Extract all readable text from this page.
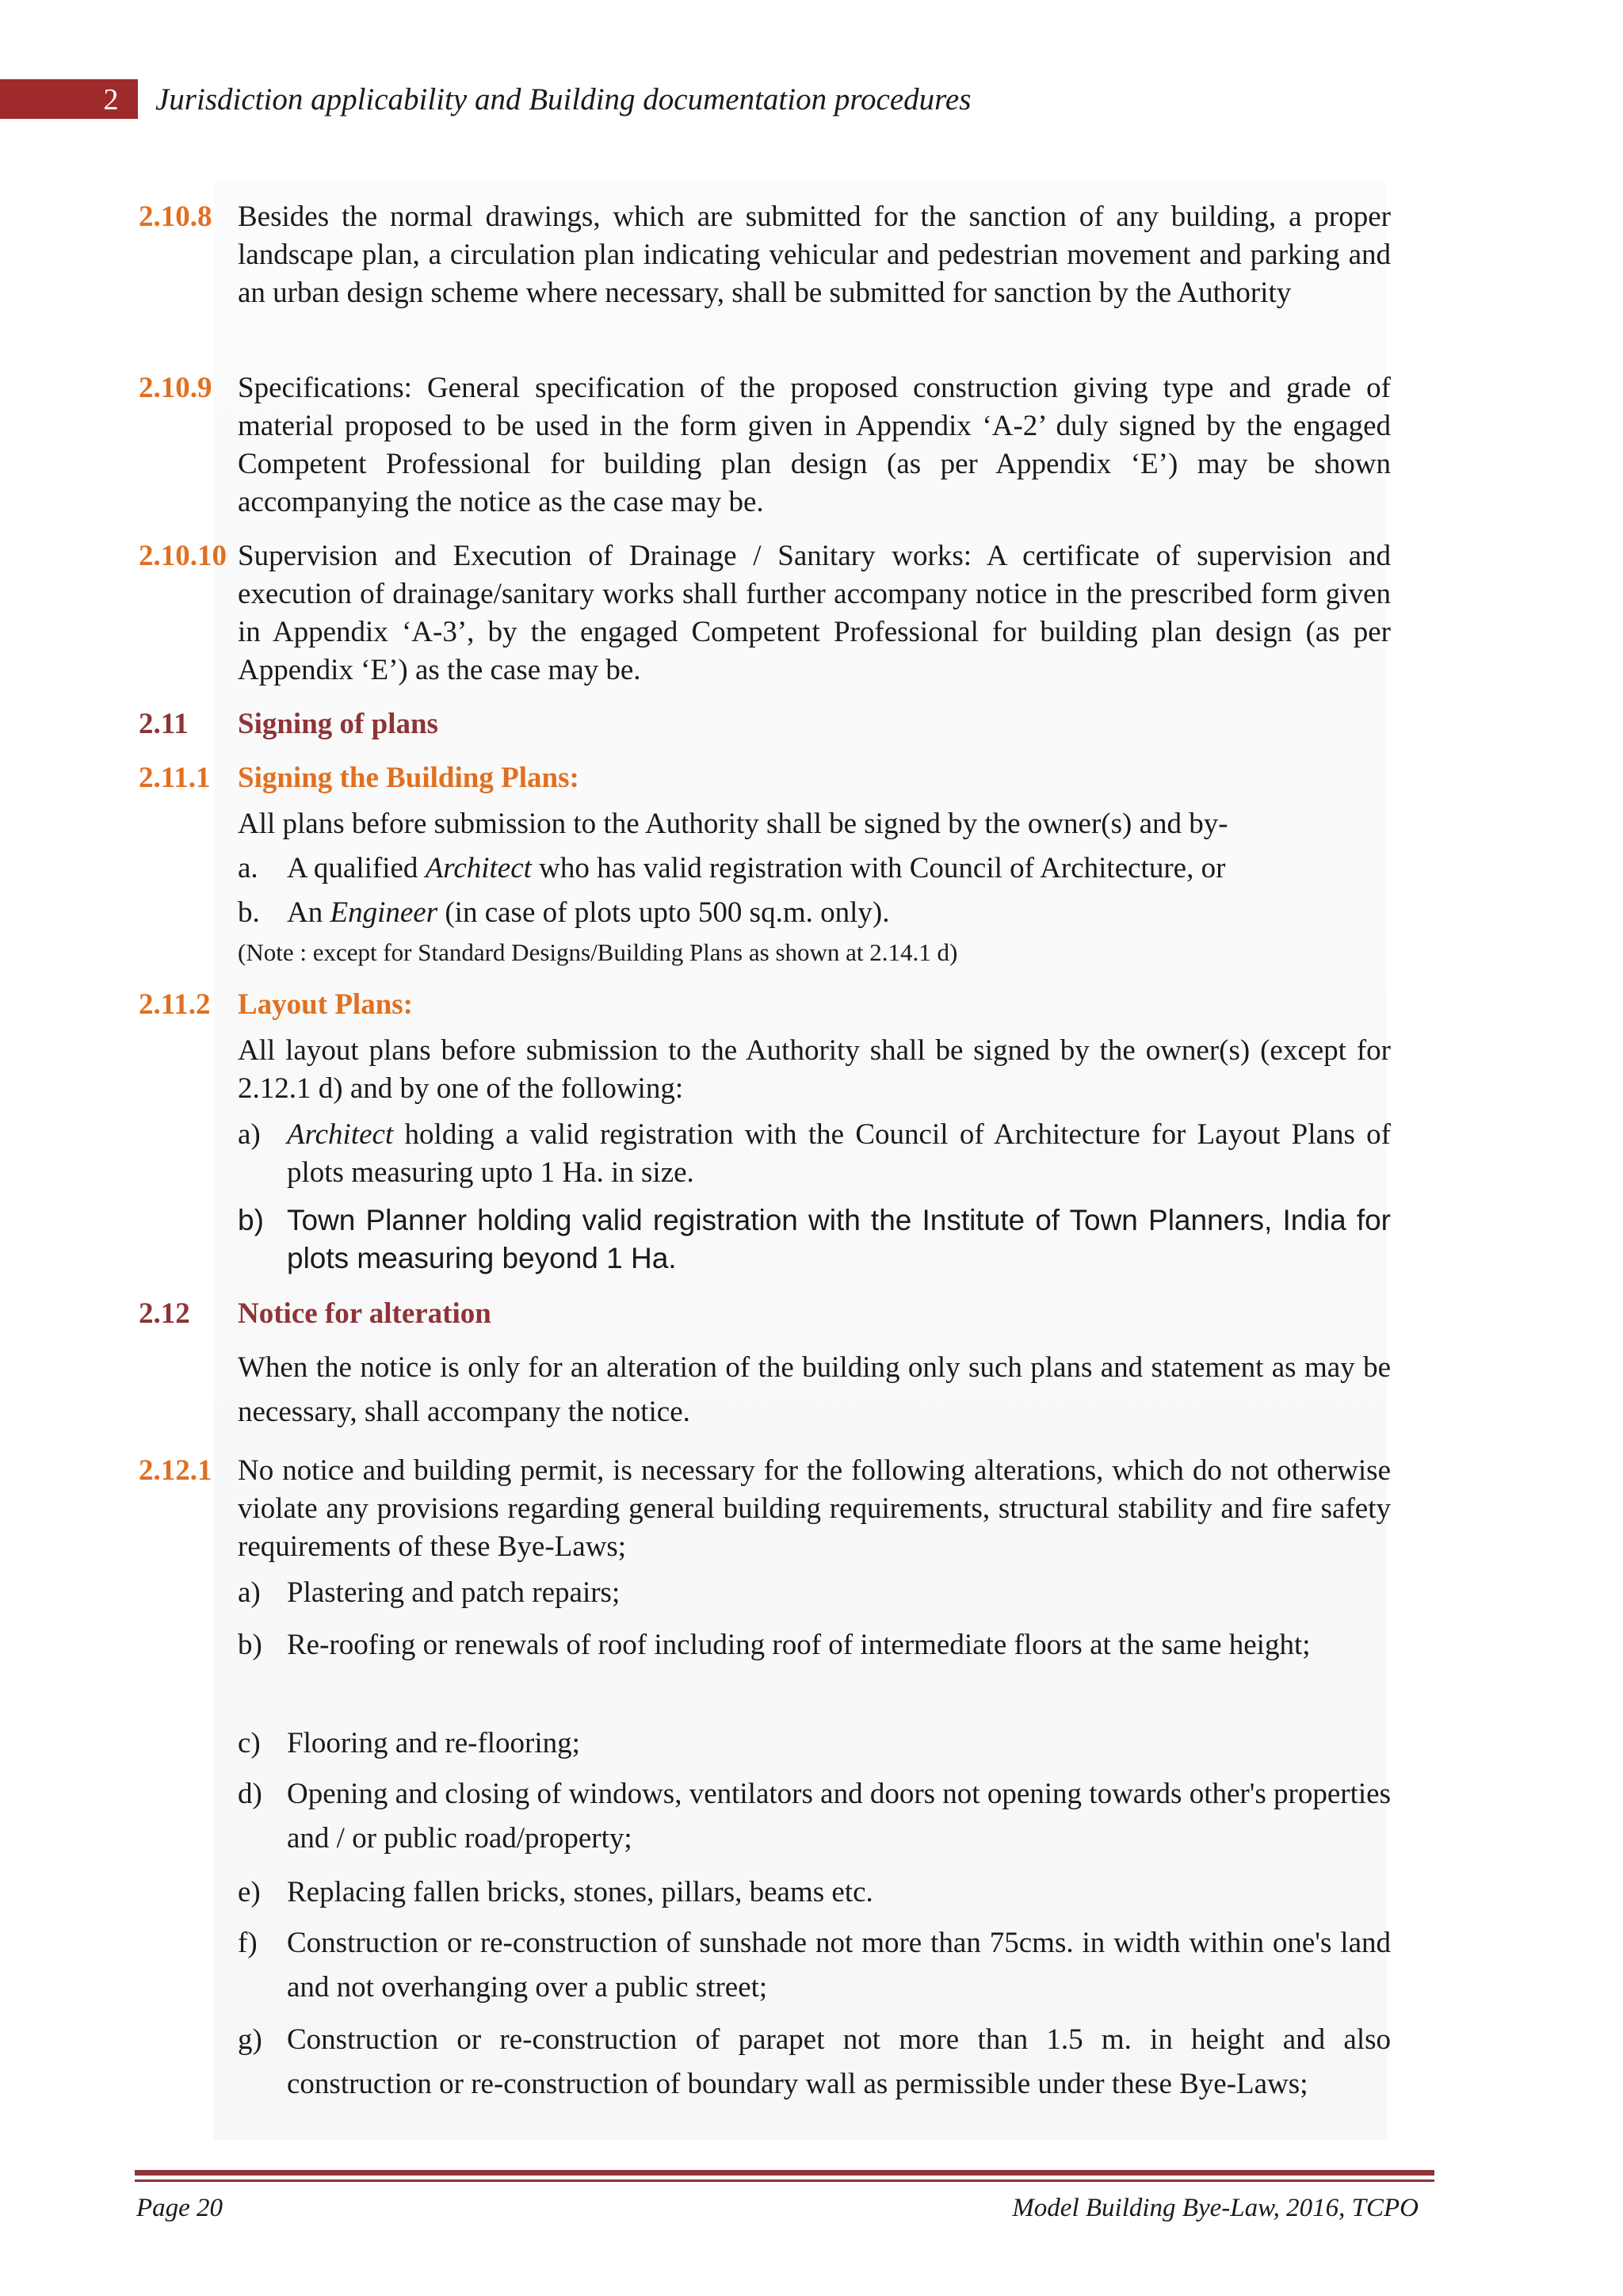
2 Jurisdiction applicability and Building documentation procedures
2.10.8 Besides the normal drawings, which are submitted for the sanction of any building, a proper landscape plan, a circulation plan indicating vehicular and pedestrian movement and parking and an urban design scheme where necessary, shall be submitted for sanction by the Authority
2.10.9 Specifications: General specification of the proposed construction giving type and grade of material proposed to be used in the form given in Appendix ‘A-2’ duly signed by the engaged Competent Professional for building plan design (as per Appendix ‘E’) may be shown accompanying the notice as the case may be.
2.10.10 Supervision and Execution of Drainage / Sanitary works: A certificate of supervision and execution of drainage/sanitary works shall further accompany notice in the prescribed form given in Appendix ‘A-3’, by the engaged Competent Professional for building plan design (as per Appendix ‘E’) as the case may be.
2.11 Signing of plans
2.11.1 Signing the Building Plans:
All plans before submission to the Authority shall be signed by the owner(s) and by-
a. A qualified Architect who has valid registration with Council of Architecture, or
b. An Engineer (in case of plots upto 500 sq.m. only).
(Note : except for Standard Designs/Building Plans as shown at 2.14.1 d)
2.11.2 Layout Plans:
All layout plans before submission to the Authority shall be signed by the owner(s) (except for 2.12.1 d) and by one of the following:
a) Architect holding a valid registration with the Council of Architecture for Layout Plans of plots measuring upto 1 Ha. in size.
b) Town Planner holding valid registration with the Institute of Town Planners, India for plots measuring beyond 1 Ha.
2.12 Notice for alteration
When the notice is only for an alteration of the building only such plans and statement as may be necessary, shall accompany the notice.
2.12.1 No notice and building permit, is necessary for the following alterations, which do not otherwise violate any provisions regarding general building requirements, structural stability and fire safety requirements of these Bye-Laws;
a) Plastering and patch repairs;
b) Re-roofing or renewals of roof including roof of intermediate floors at the same height;
c) Flooring and re-flooring;
d) Opening and closing of windows, ventilators and doors not opening towards other's properties and / or public road/property;
e) Replacing fallen bricks, stones, pillars, beams etc.
f) Construction or re-construction of sunshade not more than 75cms. in width within one's land and not overhanging over a public street;
g) Construction or re-construction of parapet not more than 1.5 m. in height and also construction or re-construction of boundary wall as permissible under these Bye-Laws;
Page 20	Model Building Bye-Law, 2016, TCPO
